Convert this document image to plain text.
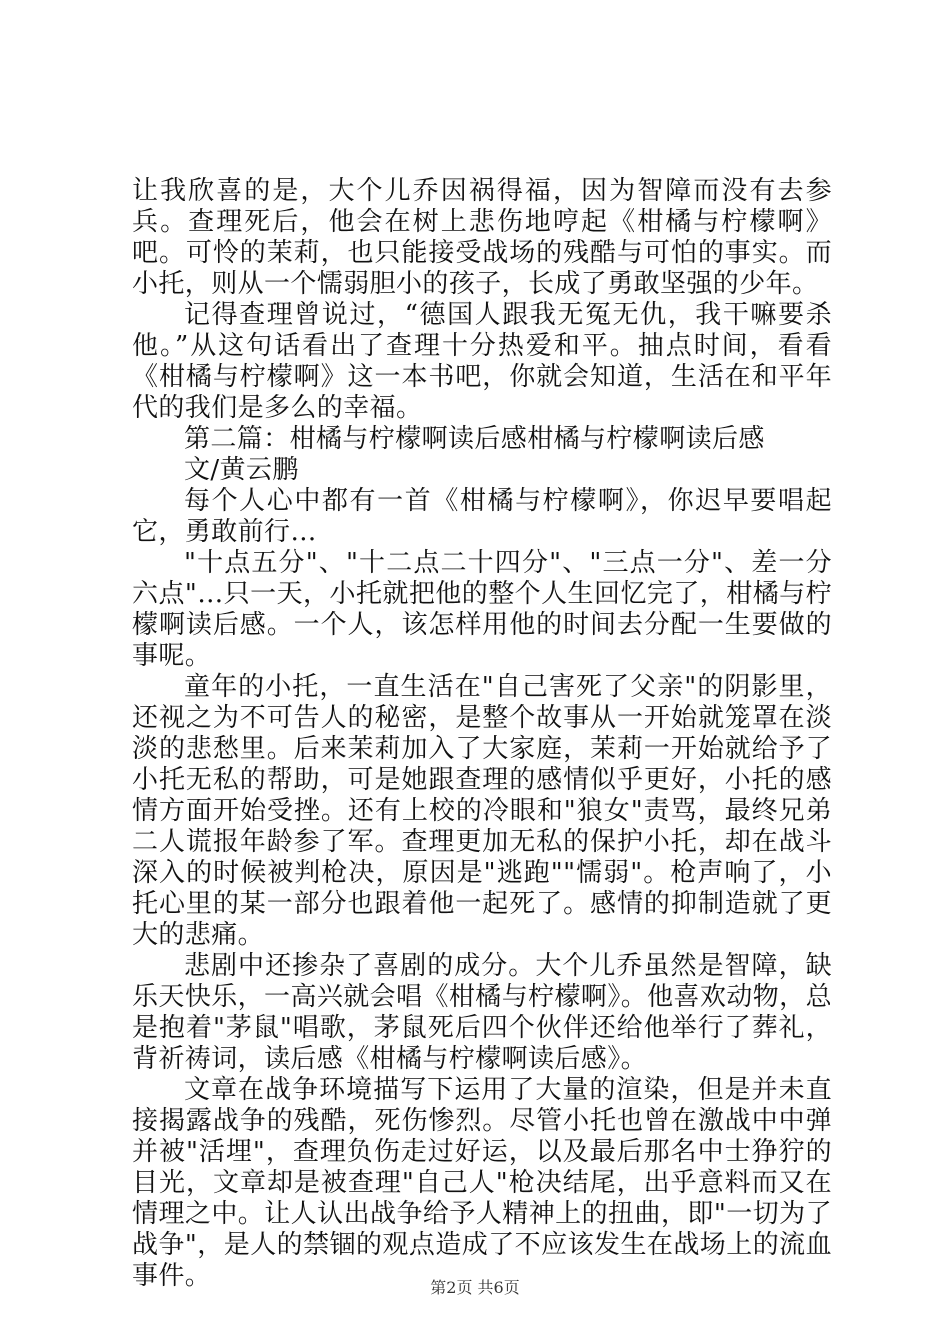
让我欣喜的是，大个儿乔因祸得福，因为智障而没有去参兵。查理死后，他会在树上悲伤地哼起《柑橘与柠檬啊》吧。可怜的茉莉，也只能接受战场的残酷与可怕的事实。而小托，则从一个懦弱胆小的孩子，长成了勇敢坚强的少年。

记得查理曾说过，“德国人跟我无冤无仇，我干嘛要杀他。”从这句话看出了查理十分热爱和平。抽点时间，看看《柑橘与柠檬啊》这一本书吧，你就会知道，生活在和平年代的我们是多么的幸福。

第二篇：柑橘与柠檬啊读后感柑橘与柠檬啊读后感

文/黄云鹏

每个人心中都有一首《柑橘与柠檬啊》，你迟早要唱起它，勇敢前行…

"十点五分"、"十二点二十四分"、"三点一分"、差一分六点"…只一天，小托就把他的整个人生回忆完了，柑橘与柠檬啊读后感。一个人，该怎样用他的时间去分配一生要做的事呢。

童年的小托，一直生活在"自己害死了父亲"的阴影里，还视之为不可告人的秘密，是整个故事从一开始就笼罩在淡淡的悲愁里。后来茉莉加入了大家庭，茉莉一开始就给予了小托无私的帮助，可是她跟查理的感情似乎更好，小托的感情方面开始受挫。还有上校的冷眼和"狼女"责骂，最终兄弟二人谎报年龄参了军。查理更加无私的保护小托，却在战斗深入的时候被判枪决，原因是"逃跑""懦弱"。枪声响了，小托心里的某一部分也跟着他一起死了。感情的抑制造就了更大的悲痛。

悲剧中还掺杂了喜剧的成分。大个儿乔虽然是智障，缺乐天快乐，一高兴就会唱《柑橘与柠檬啊》。他喜欢动物，总是抱着"茅鼠"唱歌，茅鼠死后四个伙伴还给他举行了葬礼，背祈祷词，读后感《柑橘与柠檬啊读后感》。

文章在战争环境描写下运用了大量的渲染，但是并未直接揭露战争的残酷，死伤惨烈。尽管小托也曾在激战中中弹并被"活埋"，查理负伤走过好运，以及最后那名中士狰狞的目光，文章却是被查理"自己人"枪决结尾，出乎意料而又在情理之中。让人认出战争给予人精神上的扭曲，即"一切为了战争"，是人的禁锢的观点造成了不应该发生在战场上的流血事件。	第2页 共6页
